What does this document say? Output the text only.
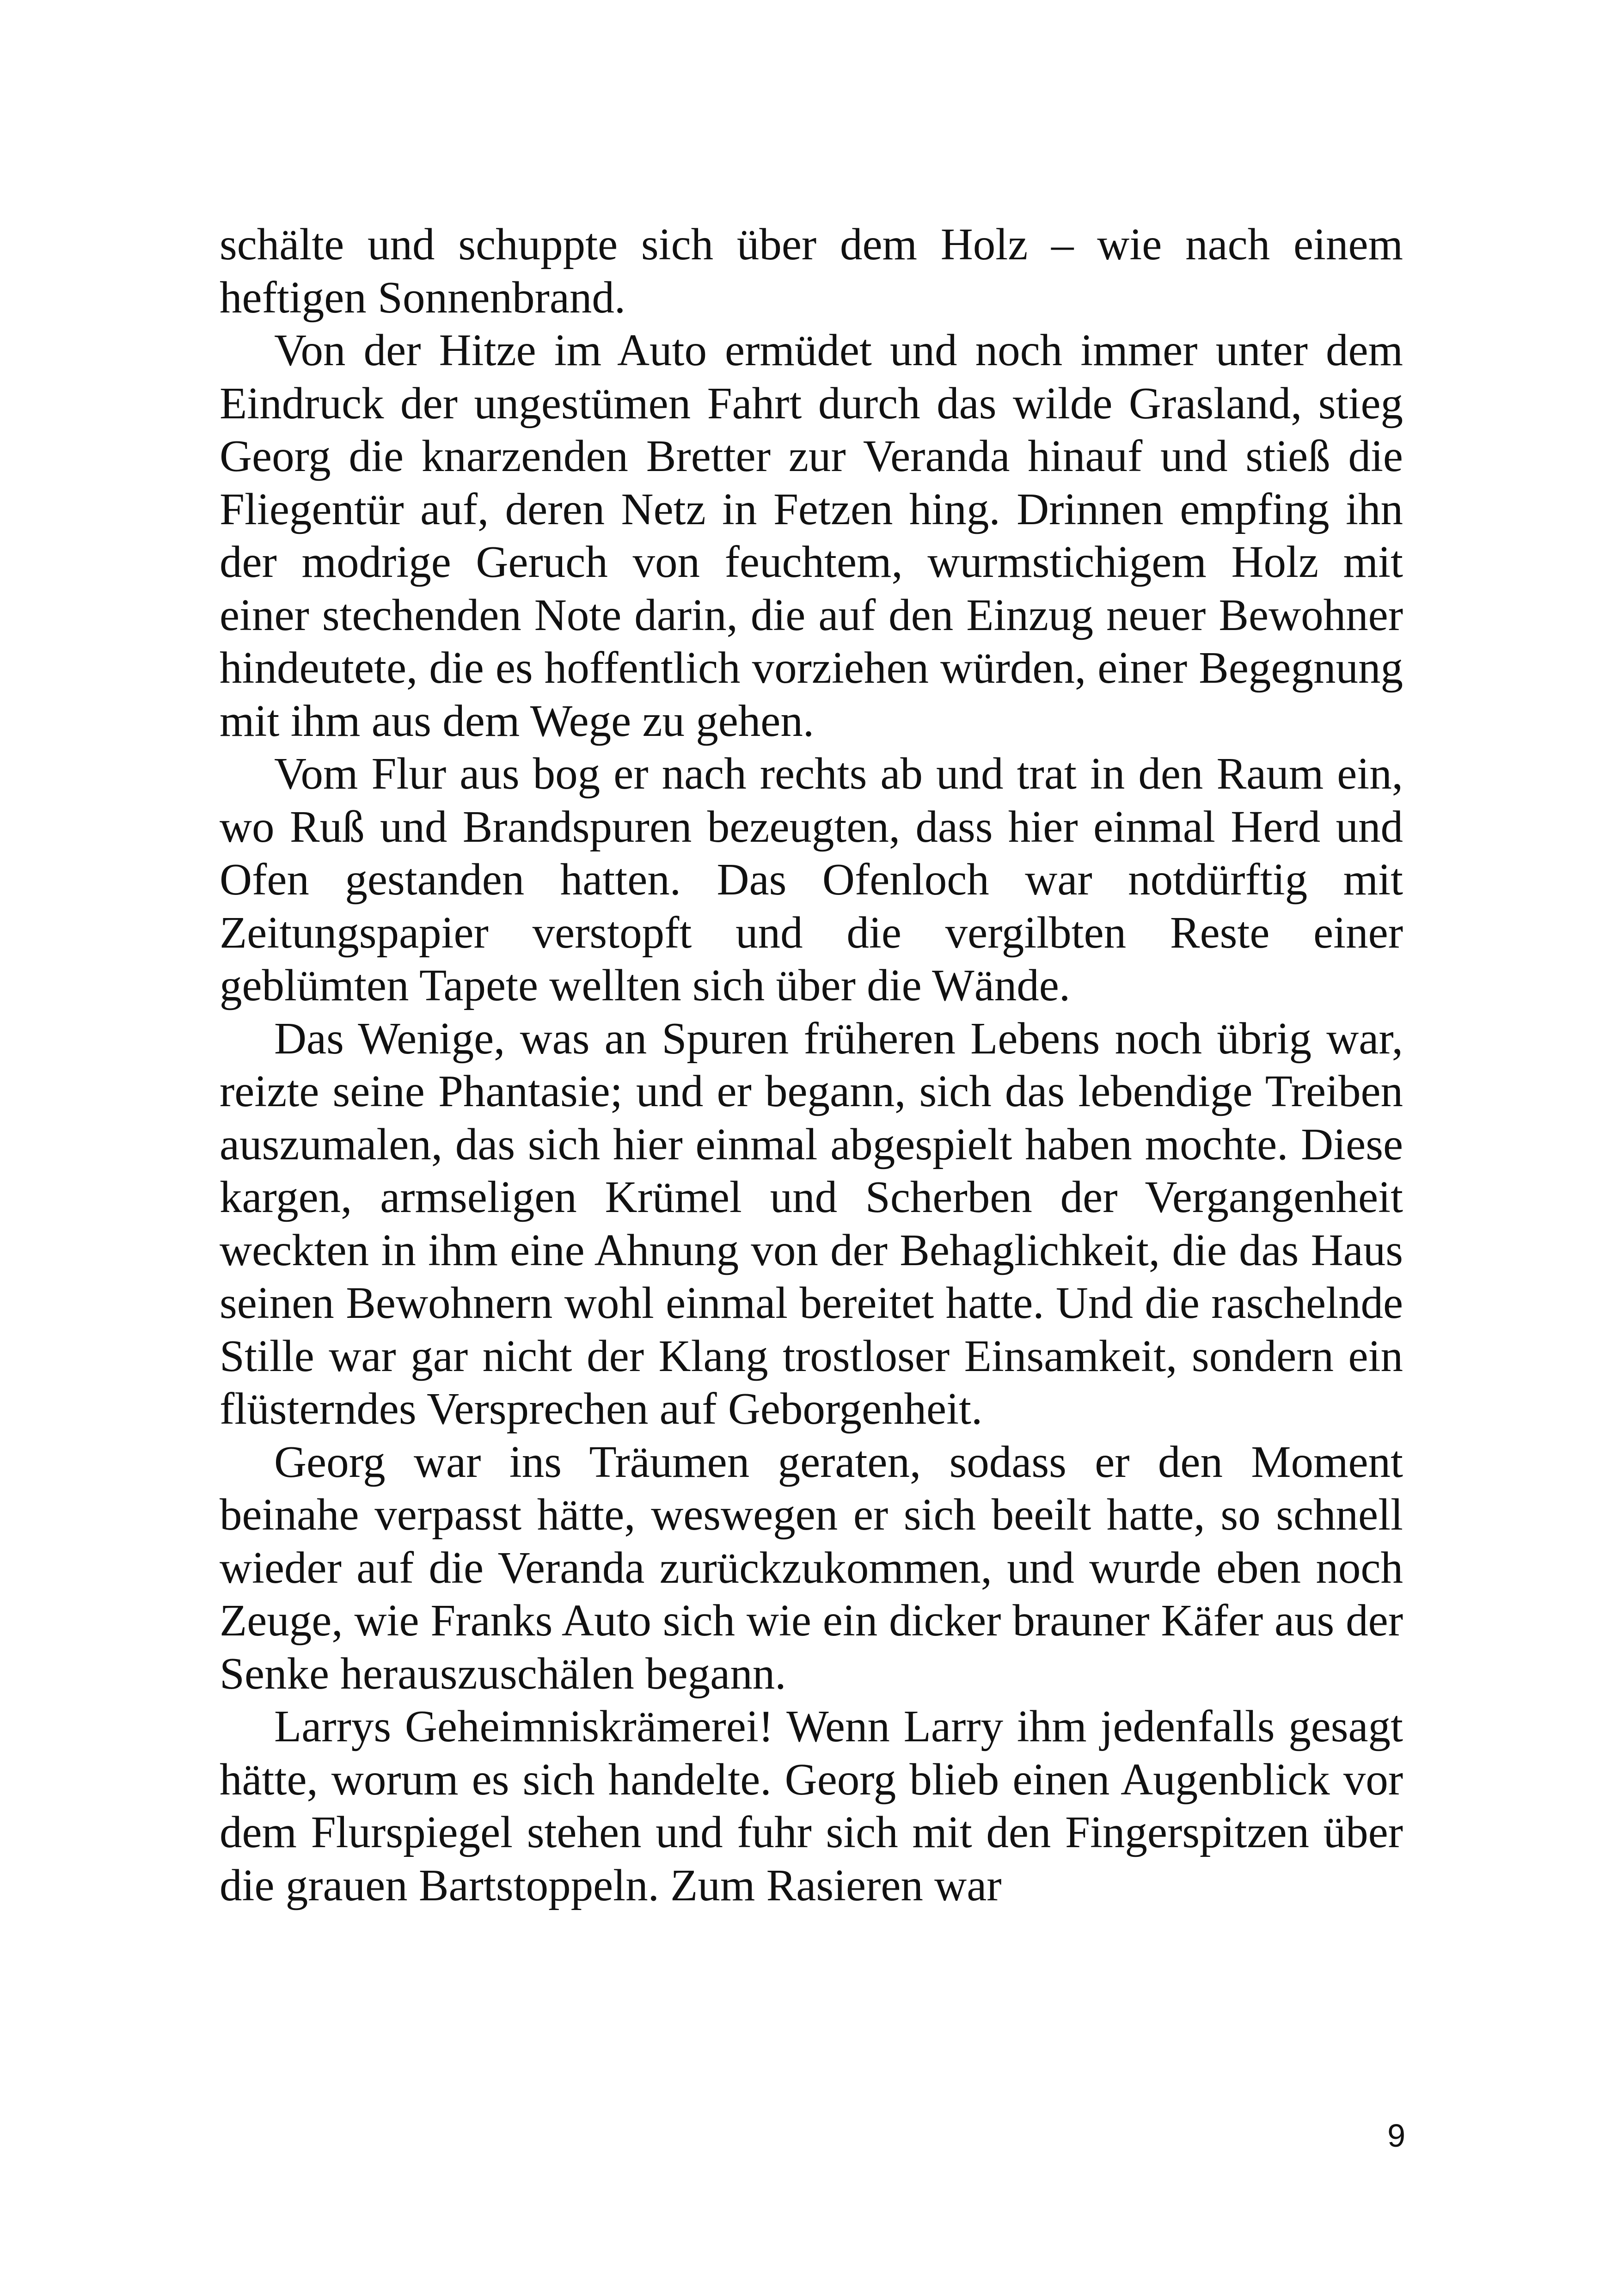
schälte und schuppte sich über dem Holz – wie nach einem heftigen Sonnenbrand.

Von der Hitze im Auto ermüdet und noch immer unter dem Eindruck der ungestümen Fahrt durch das wilde Grasland, stieg Georg die knarzenden Bretter zur Veranda hinauf und stieß die Fliegentür auf, deren Netz in Fetzen hing. Drinnen empfing ihn der modrige Geruch von feuchtem, wurmstichigem Holz mit einer stechenden Note darin, die auf den Einzug neuer Bewohner hindeutete, die es hoffentlich vorziehen würden, einer Begegnung mit ihm aus dem Wege zu gehen.

Vom Flur aus bog er nach rechts ab und trat in den Raum ein, wo Ruß und Brandspuren bezeugten, dass hier einmal Herd und Ofen gestanden hatten. Das Ofenloch war notdürftig mit Zeitungspapier verstopft und die vergilbten Reste einer geblümten Tapete wellten sich über die Wände.

Das Wenige, was an Spuren früheren Lebens noch übrig war, reizte seine Phantasie; und er begann, sich das lebendige Treiben auszumalen, das sich hier einmal abgespielt haben mochte. Diese kargen, armseligen Krümel und Scherben der Vergangenheit weckten in ihm eine Ahnung von der Behaglichkeit, die das Haus seinen Bewohnern wohl einmal bereitet hatte. Und die raschelnde Stille war gar nicht der Klang trostloser Einsamkeit, sondern ein flüsterndes Versprechen auf Geborgenheit.

Georg war ins Träumen geraten, sodass er den Moment beinahe verpasst hätte, weswegen er sich beeilt hatte, so schnell wieder auf die Veranda zurückzukommen, und wurde eben noch Zeuge, wie Franks Auto sich wie ein dicker brauner Käfer aus der Senke herauszuschälen begann.

Larrys Geheimniskrämerei! Wenn Larry ihm jedenfalls gesagt hätte, worum es sich handelte. Georg blieb einen Augenblick vor dem Flurspiegel stehen und fuhr sich mit den Fingerspitzen über die grauen Bartstoppeln. Zum Rasieren war

9
